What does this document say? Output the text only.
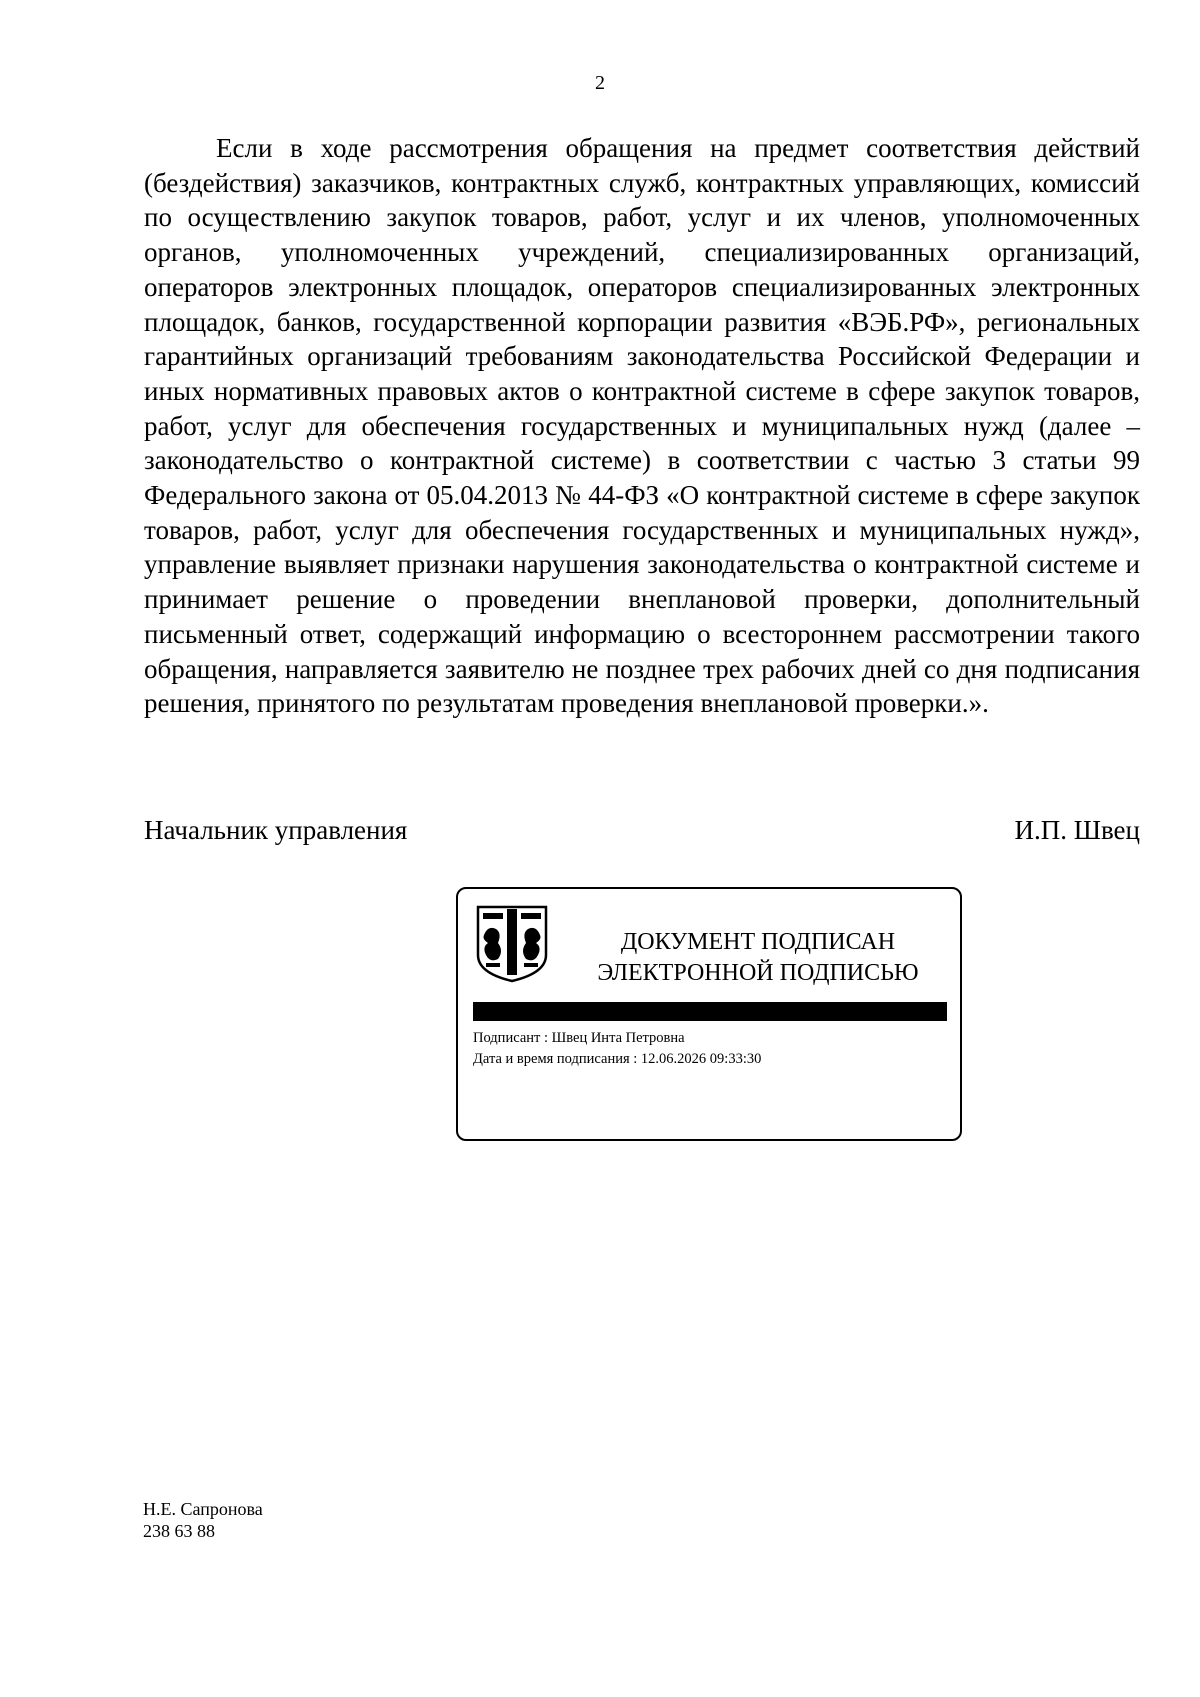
2

Если в ходе рассмотрения обращения на предмет соответствия действий (бездействия) заказчиков, контрактных служб, контрактных управляющих, комиссий по осуществлению закупок товаров, работ, услуг и их членов, уполномоченных органов, уполномоченных учреждений, специализированных организаций, операторов электронных площадок, операторов специализированных электронных площадок, банков, государственной корпорации развития «ВЭБ.РФ», региональных гарантийных организаций требованиям законодательства Российской Федерации и иных нормативных правовых актов о контрактной системе в сфере закупок товаров, работ, услуг для обеспечения государственных и муниципальных нужд (далее – законодательство о контрактной системе) в соответствии с частью 3 статьи 99 Федерального закона от 05.04.2013 № 44-ФЗ «О контрактной системе в сфере закупок товаров, работ, услуг для обеспечения государственных и муниципальных нужд», управление выявляет признаки нарушения законодательства о контрактной системе и принимает решение о проведении внеплановой проверки, дополнительный письменный ответ, содержащий информацию о всестороннем рассмотрении такого обращения, направляется заявителю не позднее трех рабочих дней со дня подписания решения, принятого по результатам проведения внеплановой проверки.».

Начальник управления	И.П. Швец
ДОКУМЕНТ ПОДПИСАН
ЭЛЕКТРОННОЙ ПОДПИСЬЮ
Подписант : Швец Инта Петровна
Дата и время подписания : 12.06.2026 09:33:30
Н.Е. Сапронова
238 63 88
